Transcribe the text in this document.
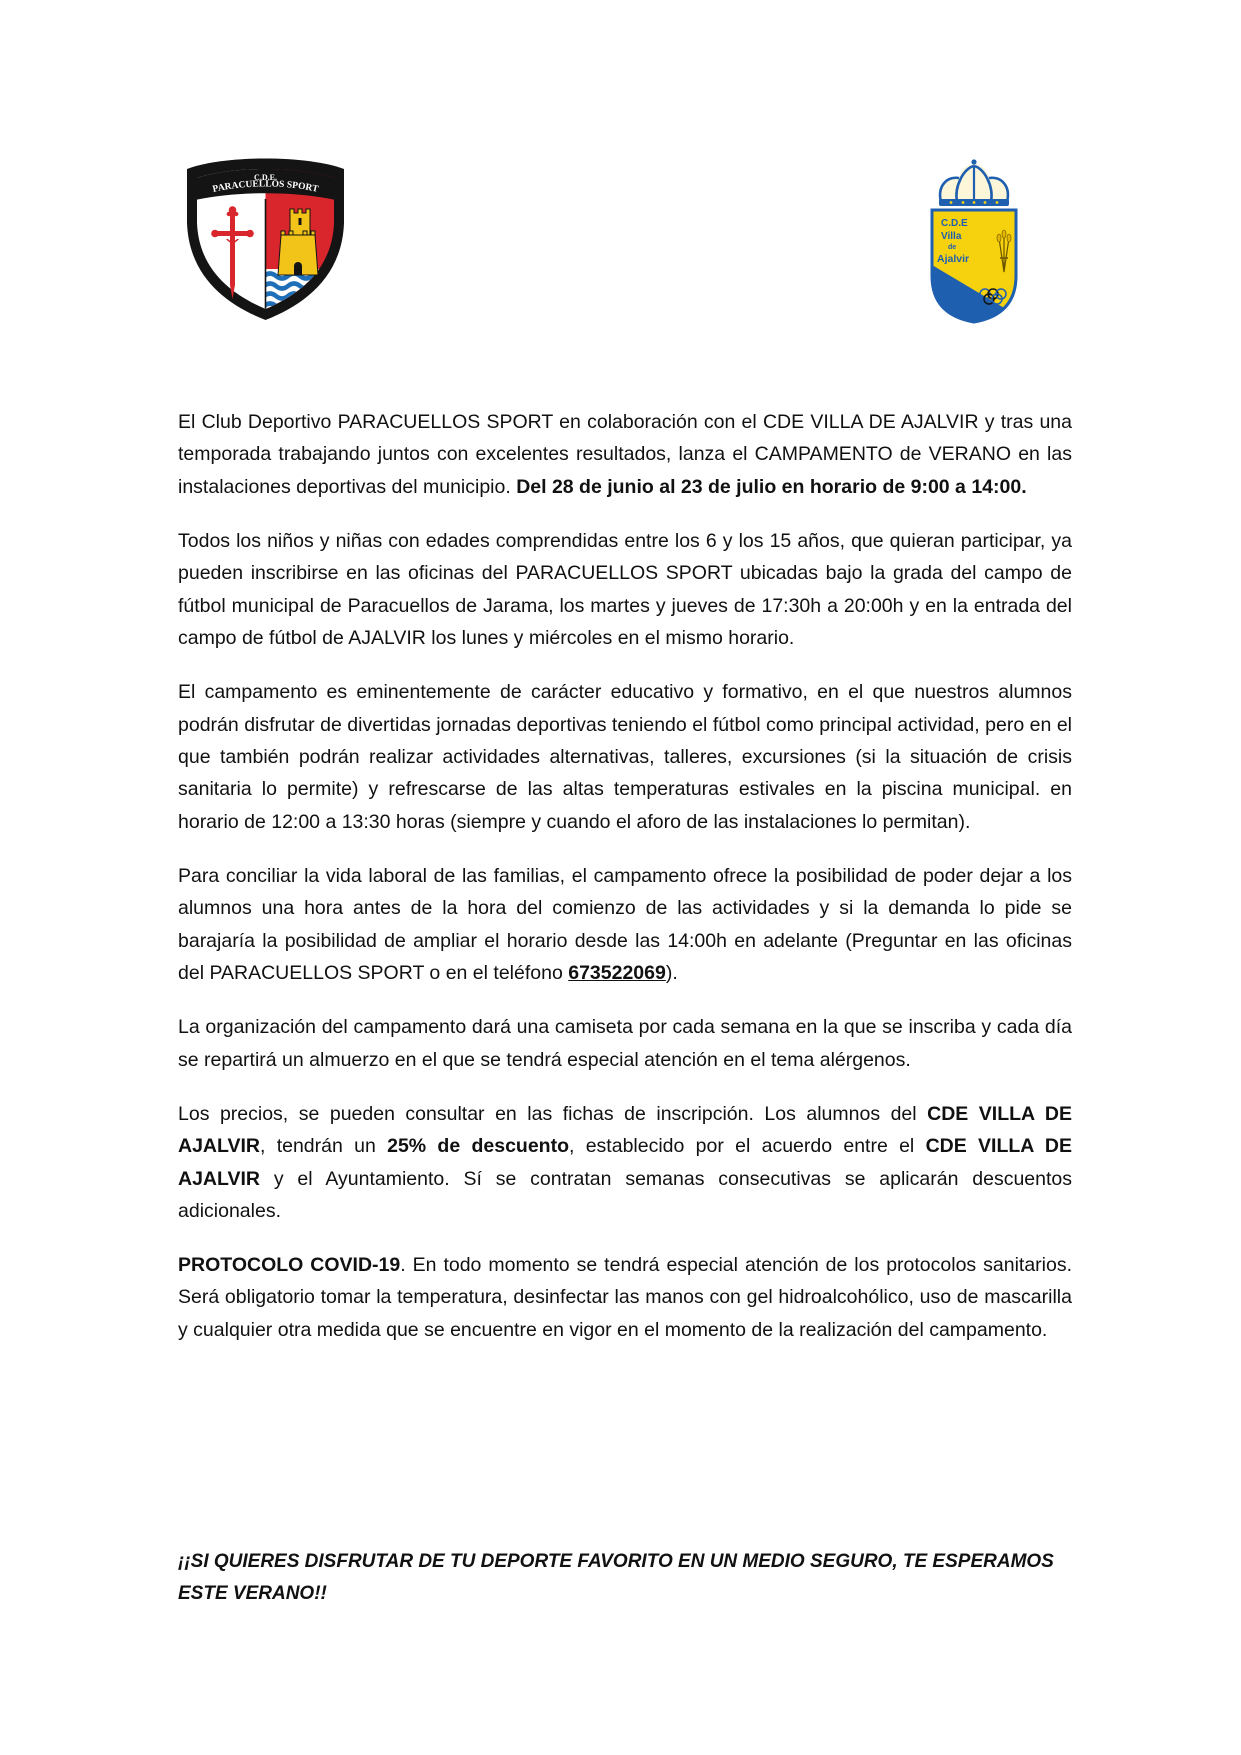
C.D.E.
PARACUELLOS SPORT
C.D.E
Villa
de
Ajalvir

El Club Deportivo PARACUELLOS SPORT en colaboración con el CDE VILLA DE AJALVIR y tras una temporada trabajando juntos con excelentes resultados, lanza el CAMPAMENTO de VERANO en las instalaciones deportivas del municipio. Del 28 de junio al 23 de julio en horario de 9:00 a 14:00.

Todos los niños y niñas con edades comprendidas entre los 6 y los 15 años, que quieran participar, ya pueden inscribirse en las oficinas del PARACUELLOS SPORT ubicadas bajo la grada del campo de fútbol municipal de Paracuellos de Jarama, los martes y jueves de 17:30h a 20:00h y en la entrada del campo de fútbol de AJALVIR los lunes y miércoles en el mismo horario.

El campamento es eminentemente de carácter educativo y formativo, en el que nuestros alumnos podrán disfrutar de divertidas jornadas deportivas teniendo el fútbol como principal actividad, pero en el que también podrán realizar actividades alternativas, talleres, excursiones (si la situación de crisis sanitaria lo permite) y refrescarse de las altas temperaturas estivales en la piscina municipal. en horario de 12:00 a 13:30 horas (siempre y cuando el aforo de las instalaciones lo permitan).

Para conciliar la vida laboral de las familias, el campamento ofrece la posibilidad de poder dejar a los alumnos una hora antes de la hora del comienzo de las actividades y si la demanda lo pide se barajaría la posibilidad de ampliar el horario desde las 14:00h en adelante (Preguntar en las oficinas del PARACUELLOS SPORT o en el teléfono 673522069).

La organización del campamento dará una camiseta por cada semana en la que se inscriba y cada día se repartirá un almuerzo en el que se tendrá especial atención en el tema alérgenos.

Los precios, se pueden consultar en las fichas de inscripción. Los alumnos del CDE VILLA DE AJALVIR, tendrán un 25% de descuento, establecido por el acuerdo entre el CDE VILLA DE AJALVIR y el Ayuntamiento. Sí se contratan semanas consecutivas se aplicarán descuentos adicionales.

PROTOCOLO COVID-19. En todo momento se tendrá especial atención de los protocolos sanitarios. Será obligatorio tomar la temperatura, desinfectar las manos con gel hidroalcohólico, uso de mascarilla y cualquier otra medida que se encuentre en vigor en el momento de la realización del campamento.

¡¡SI QUIERES DISFRUTAR DE TU DEPORTE FAVORITO EN UN MEDIO SEGURO, TE ESPERAMOS ESTE VERANO!!
